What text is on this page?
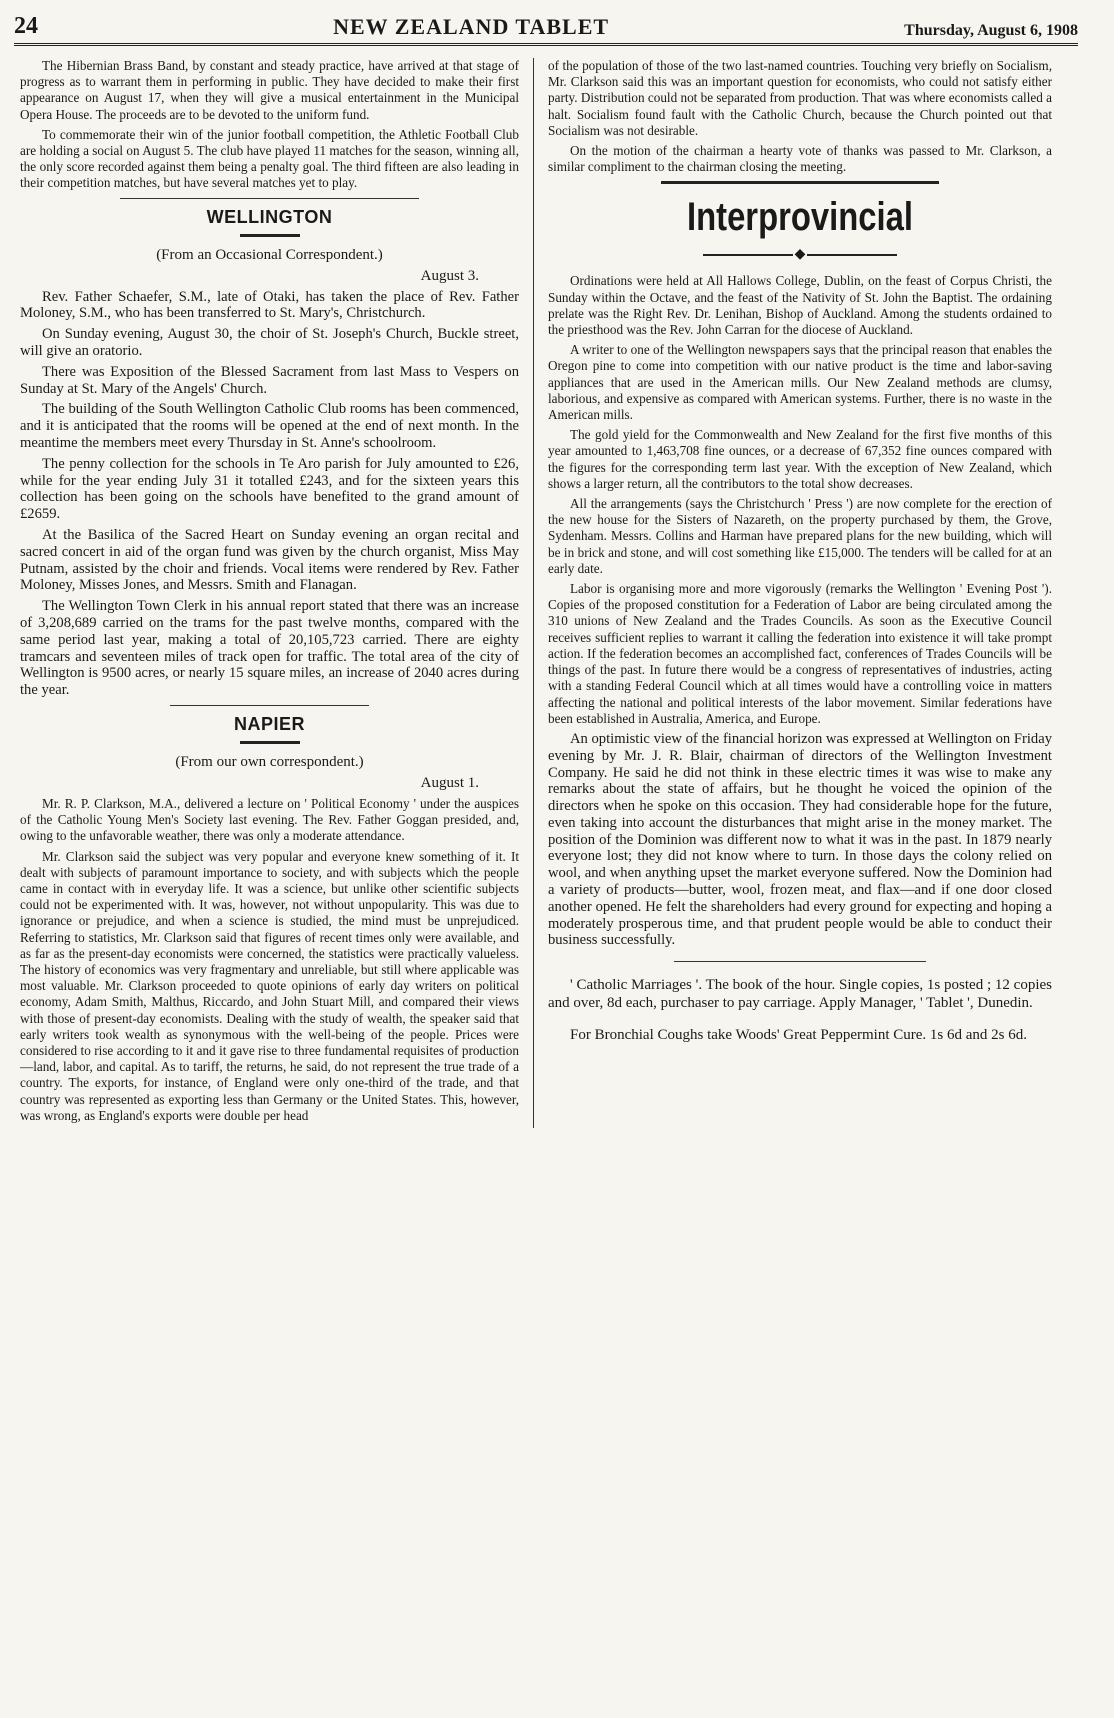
24	NEW ZEALAND TABLET	Thursday, August 6, 1908

The Hibernian Brass Band, by constant and steady practice, have arrived at that stage of progress as to warrant them in performing in public. They have decided to make their first appearance on August 17, when they will give a musical entertainment in the Municipal Opera House. The proceeds are to be devoted to the uniform fund.

To commemorate their win of the junior football competition, the Athletic Football Club are holding a social on August 5. The club have played 11 matches for the season, winning all, the only score recorded against them being a penalty goal. The third fifteen are also leading in their competition matches, but have several matches yet to play.

WELLINGTON
(From an Occasional Correspondent.)
August 3.

Rev. Father Schaefer, S.M., late of Otaki, has taken the place of Rev. Father Moloney, S.M., who has been transferred to St. Mary's, Christchurch.

On Sunday evening, August 30, the choir of St. Joseph's Church, Buckle street, will give an oratorio.

There was Exposition of the Blessed Sacrament from last Mass to Vespers on Sunday at St. Mary of the Angels' Church.

The building of the South Wellington Catholic Club rooms has been commenced, and it is anticipated that the rooms will be opened at the end of next month. In the meantime the members meet every Thursday in St. Anne's schoolroom.

The penny collection for the schools in Te Aro parish for July amounted to £26, while for the year ending July 31 it totalled £243, and for the sixteen years this collection has been going on the schools have benefited to the grand amount of £2659.

At the Basilica of the Sacred Heart on Sunday evening an organ recital and sacred concert in aid of the organ fund was given by the church organist, Miss May Putnam, assisted by the choir and friends. Vocal items were rendered by Rev. Father Moloney, Misses Jones, and Messrs. Smith and Flanagan.

The Wellington Town Clerk in his annual report stated that there was an increase of 3,208,689 carried on the trams for the past twelve months, compared with the same period last year, making a total of 20,105,723 carried. There are eighty tramcars and seventeen miles of track open for traffic. The total area of the city of Wellington is 9500 acres, or nearly 15 square miles, an increase of 2040 acres during the year.

NAPIER
(From our own correspondent.)
August 1.

Mr. R. P. Clarkson, M.A., delivered a lecture on ' Political Economy ' under the auspices of the Catholic Young Men's Society last evening. The Rev. Father Goggan presided, and, owing to the unfavorable weather, there was only a moderate attendance.

Mr. Clarkson said the subject was very popular and everyone knew something of it. It dealt with subjects of paramount importance to society, and with subjects which the people came in contact with in everyday life. It was a science, but unlike other scientific subjects could not be experimented with. It was, however, not without unpopularity. This was due to ignorance or prejudice, and when a science is studied, the mind must be unprejudiced. Referring to statistics, Mr. Clarkson said that figures of recent times only were available, and as far as the present-day economists were concerned, the statistics were practically valueless. The history of economics was very fragmentary and unreliable, but still where applicable was most valuable. Mr. Clarkson proceeded to quote opinions of early day writers on political economy, Adam Smith, Malthus, Riccardo, and John Stuart Mill, and compared their views with those of present-day economists. Dealing with the study of wealth, the speaker said that early writers took wealth as synonymous with the well-being of the people. Prices were considered to rise according to it and it gave rise to three fundamental requisites of production—land, labor, and capital. As to tariff, the returns, he said, do not represent the true trade of a country. The exports, for instance, of England were only one-third of the trade, and that country was represented as exporting less than Germany or the United States. This, however, was wrong, as England's exports were double per head

of the population of those of the two last-named countries. Touching very briefly on Socialism, Mr. Clarkson said this was an important question for economists, who could not satisfy either party. Distribution could not be separated from production. That was where economists called a halt. Socialism found fault with the Catholic Church, because the Church pointed out that Socialism was not desirable.

On the motion of the chairman a hearty vote of thanks was passed to Mr. Clarkson, a similar compliment to the chairman closing the meeting.

Interprovincial
◆

Ordinations were held at All Hallows College, Dublin, on the feast of Corpus Christi, the Sunday within the Octave, and the feast of the Nativity of St. John the Baptist. The ordaining prelate was the Right Rev. Dr. Lenihan, Bishop of Auckland. Among the students ordained to the priesthood was the Rev. John Carran for the diocese of Auckland.

A writer to one of the Wellington newspapers says that the principal reason that enables the Oregon pine to come into competition with our native product is the time and labor-saving appliances that are used in the American mills. Our New Zealand methods are clumsy, laborious, and expensive as compared with American systems. Further, there is no waste in the American mills.

The gold yield for the Commonwealth and New Zealand for the first five months of this year amounted to 1,463,708 fine ounces, or a decrease of 67,352 fine ounces compared with the figures for the corresponding term last year. With the exception of New Zealand, which shows a larger return, all the contributors to the total show decreases.

All the arrangements (says the Christchurch ' Press ') are now complete for the erection of the new house for the Sisters of Nazareth, on the property purchased by them, the Grove, Sydenham. Messrs. Collins and Harman have prepared plans for the new building, which will be in brick and stone, and will cost something like £15,000. The tenders will be called for at an early date.

Labor is organising more and more vigorously (remarks the Wellington ' Evening Post '). Copies of the proposed constitution for a Federation of Labor are being circulated among the 310 unions of New Zealand and the Trades Councils. As soon as the Executive Council receives sufficient replies to warrant it calling the federation into existence it will take prompt action. If the federation becomes an accomplished fact, conferences of Trades Councils will be things of the past. In future there would be a congress of representatives of industries, acting with a standing Federal Council which at all times would have a controlling voice in matters affecting the national and political interests of the labor movement. Similar federations have been established in Australia, America, and Europe.

An optimistic view of the financial horizon was expressed at Wellington on Friday evening by Mr. J. R. Blair, chairman of directors of the Wellington Investment Company. He said he did not think in these electric times it was wise to make any remarks about the state of affairs, but he thought he voiced the opinion of the directors when he spoke on this occasion. They had considerable hope for the future, even taking into account the disturbances that might arise in the money market. The position of the Dominion was different now to what it was in the past. In 1879 nearly everyone lost; they did not know where to turn. In those days the colony relied on wool, and when anything upset the market everyone suffered. Now the Dominion had a variety of products—butter, wool, frozen meat, and flax—and if one door closed another opened. He felt the shareholders had every ground for expecting and hoping a moderately prosperous time, and that prudent people would be able to conduct their business successfully.

' Catholic Marriages '. The book of the hour. Single copies, 1s posted ; 12 copies and over, 8d each, purchaser to pay carriage. Apply Manager, ' Tablet ', Dunedin.
For Bronchial Coughs take Woods' Great Peppermint Cure. 1s 6d and 2s 6d.
